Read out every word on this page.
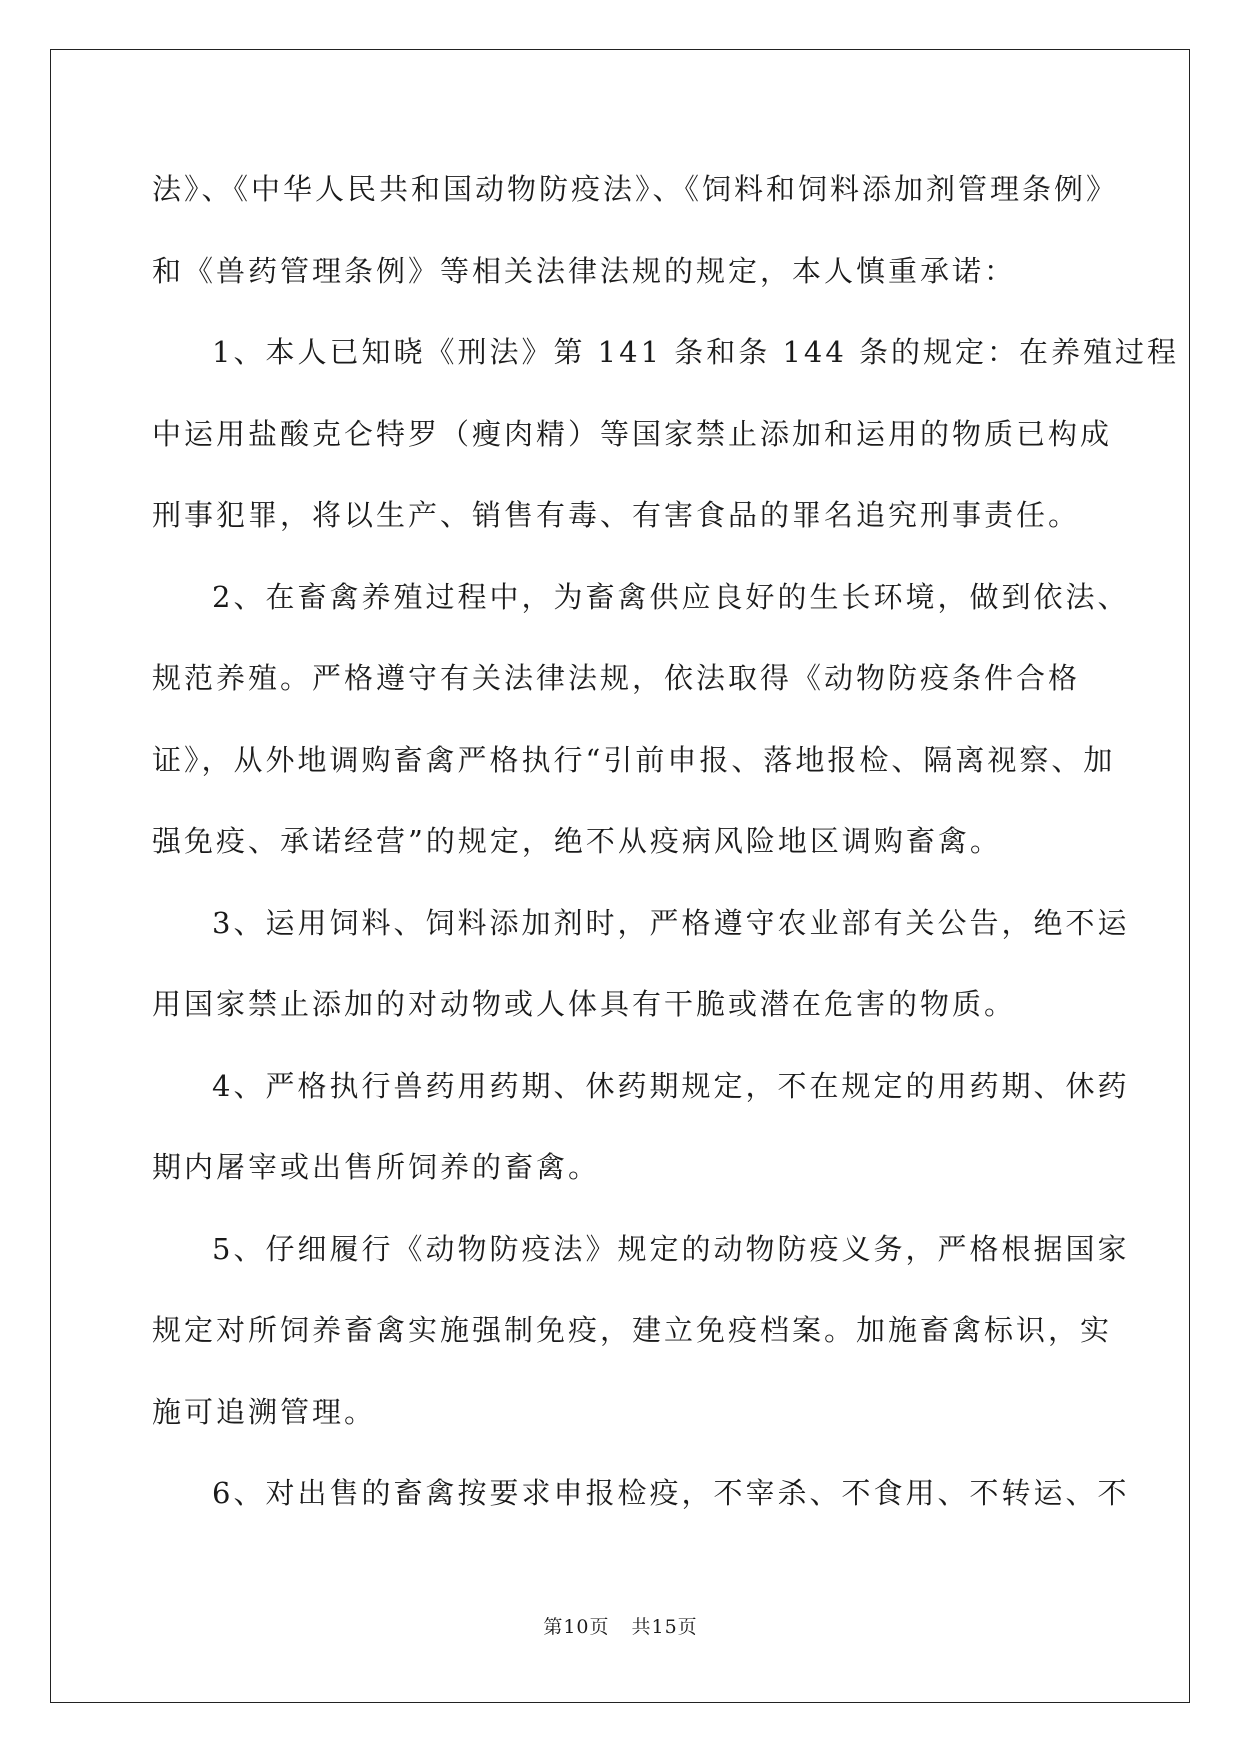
法》、《中华人民共和国动物防疫法》、《饲料和饲料添加剂管理条例》
和《兽药管理条例》等相关法律法规的规定，本人慎重承诺：
1、本人已知晓《刑法》第 141 条和条 144 条的规定：在养殖过程
中运用盐酸克仑特罗（瘦肉精）等国家禁止添加和运用的物质已构成
刑事犯罪，将以生产、销售有毒、有害食品的罪名追究刑事责任。
2、在畜禽养殖过程中，为畜禽供应良好的生长环境，做到依法、
规范养殖。严格遵守有关法律法规，依法取得《动物防疫条件合格
证》，从外地调购畜禽严格执行“引前申报、落地报检、隔离视察、加
强免疫、承诺经营”的规定，绝不从疫病风险地区调购畜禽。
3、运用饲料、饲料添加剂时，严格遵守农业部有关公告，绝不运
用国家禁止添加的对动物或人体具有干脆或潜在危害的物质。
4、严格执行兽药用药期、休药期规定，不在规定的用药期、休药
期内屠宰或出售所饲养的畜禽。
5、仔细履行《动物防疫法》规定的动物防疫义务，严格根据国家
规定对所饲养畜禽实施强制免疫，建立免疫档案。加施畜禽标识，实
施可追溯管理。
6、对出售的畜禽按要求申报检疫，不宰杀、不食用、不转运、不
第10页 共15页
